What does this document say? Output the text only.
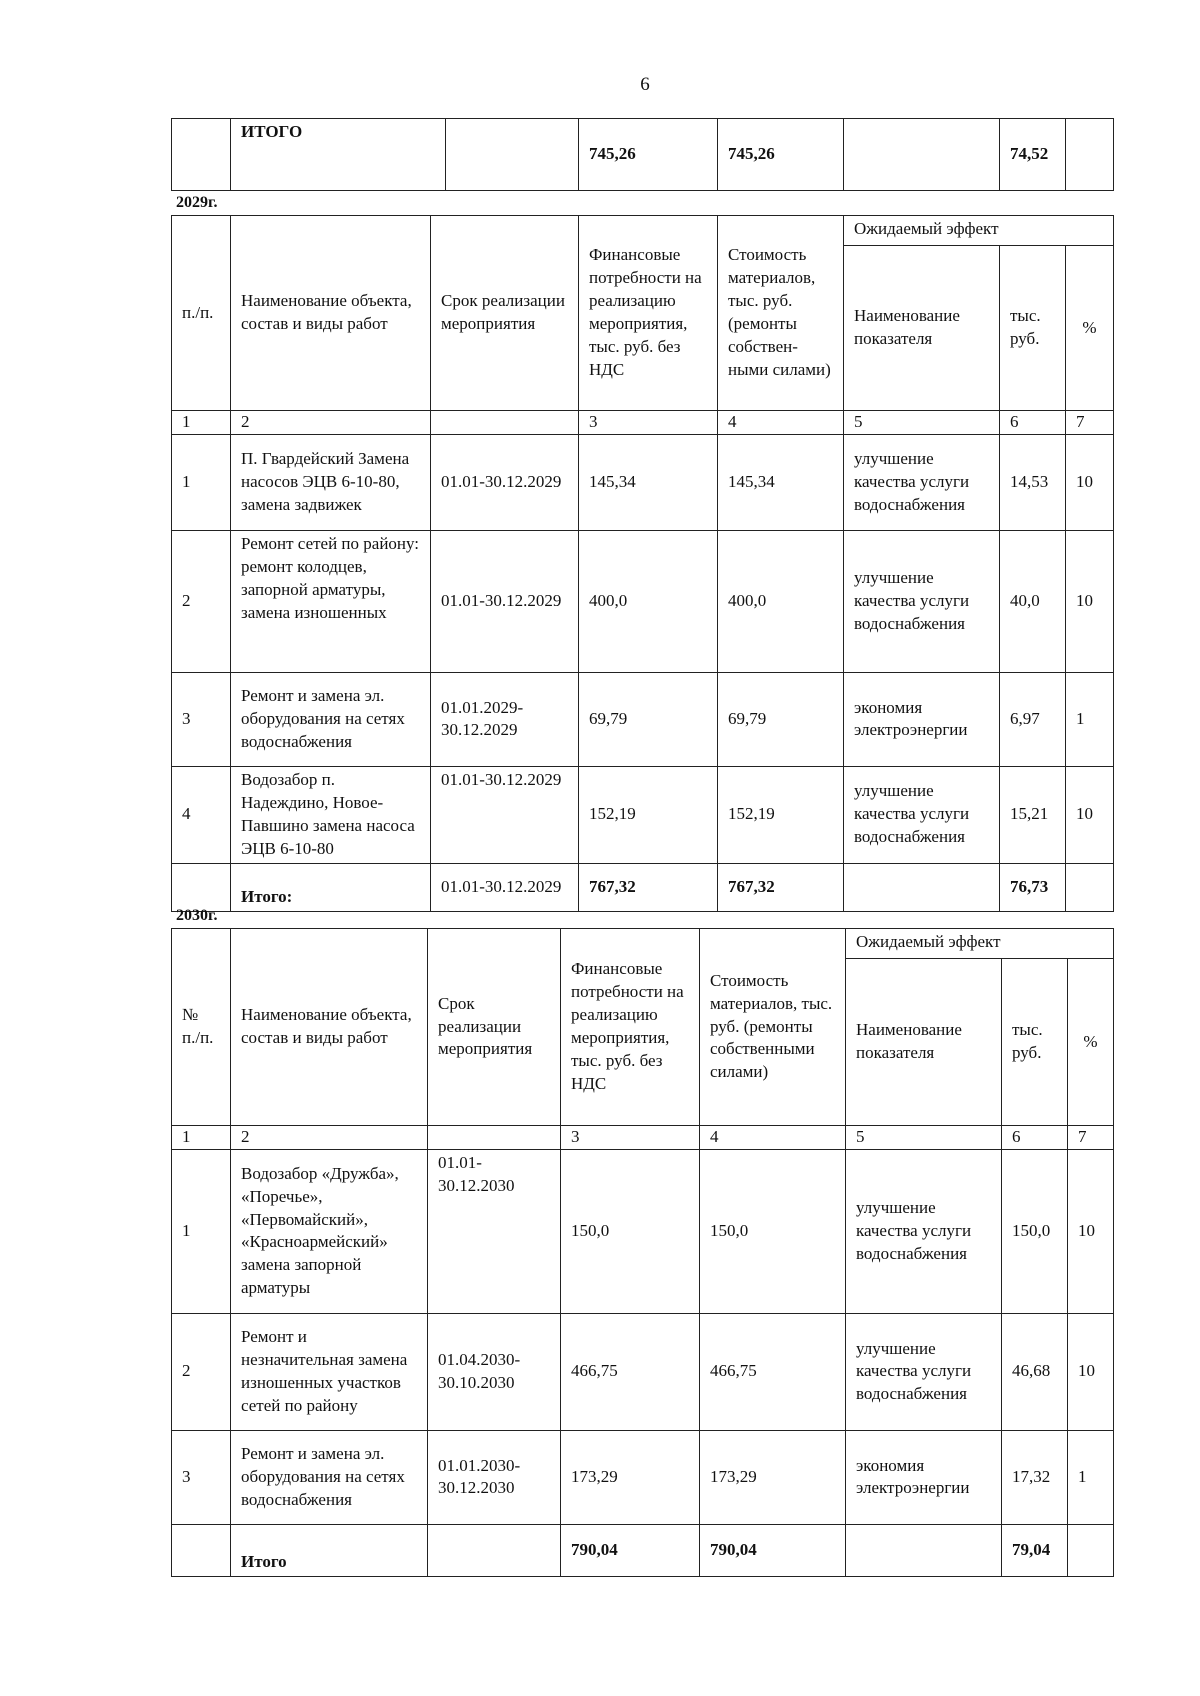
6
	ИТОГО		745,26	745,26		74,52	
2029г.
п./п.	Наименование объекта, состав и виды работ	Срок реализации мероприятия	Финансовые потребности на реализацию мероприятия, тыс. руб. без НДС	Стоимость материалов, тыс. руб. (ремонты собствен-ными силами)	Ожидаемый эффект		
					Наименование показателя	тыс. руб.	%
1	2		3	4	5	6	7
1	П. Гвардейский Замена насосов ЭЦВ 6-10-80, замена задвижек	01.01-30.12.2029	145,34	145,34	улучшение качества услуги водоснабжения	14,53	10
2	Ремонт сетей по району: ремонт колодцев, запорной арматуры, замена изношенных	01.01-30.12.2029	400,0	400,0	улучшение качества услуги водоснабжения	40,0	10
3	Ремонт и замена эл. оборудования на сетях водоснабжения	01.01.2029-30.12.2029	69,79	69,79	экономия электроэнергии	6,97	1
4	Водозабор п. Надеждино, Новое-Павшино замена насоса ЭЦВ 6-10-80	01.01-30.12.2029	152,19	152,19	улучшение качества услуги водоснабжения	15,21	10
	Итого:	01.01-30.12.2029	767,32	767,32		76,73	
2030г.
№ п./п.	Наименование объекта, состав и виды работ	Срок реализации мероприятия	Финансовые потребности на реализацию мероприятия, тыс. руб. без НДС	Стоимость материалов, тыс. руб. (ремонты собственными силами)	Ожидаемый эффект		
					Наименование показателя	тыс. руб.	%
1	2		3	4	5	6	7
1	Водозабор «Дружба», «Поречье», «Первомайский», «Красноармейский» замена запорной арматуры	01.01-30.12.2030	150,0	150,0	улучшение качества услуги водоснабжения	150,0	10
2	Ремонт и незначительная замена изношенных участков сетей по району	01.04.2030-30.10.2030	466,75	466,75	улучшение качества услуги водоснабжения	46,68	10
3	Ремонт и замена эл. оборудования на сетях водоснабжения	01.01.2030-30.12.2030	173,29	173,29	экономия электроэнергии	17,32	1
	Итого		790,04	790,04		79,04	
